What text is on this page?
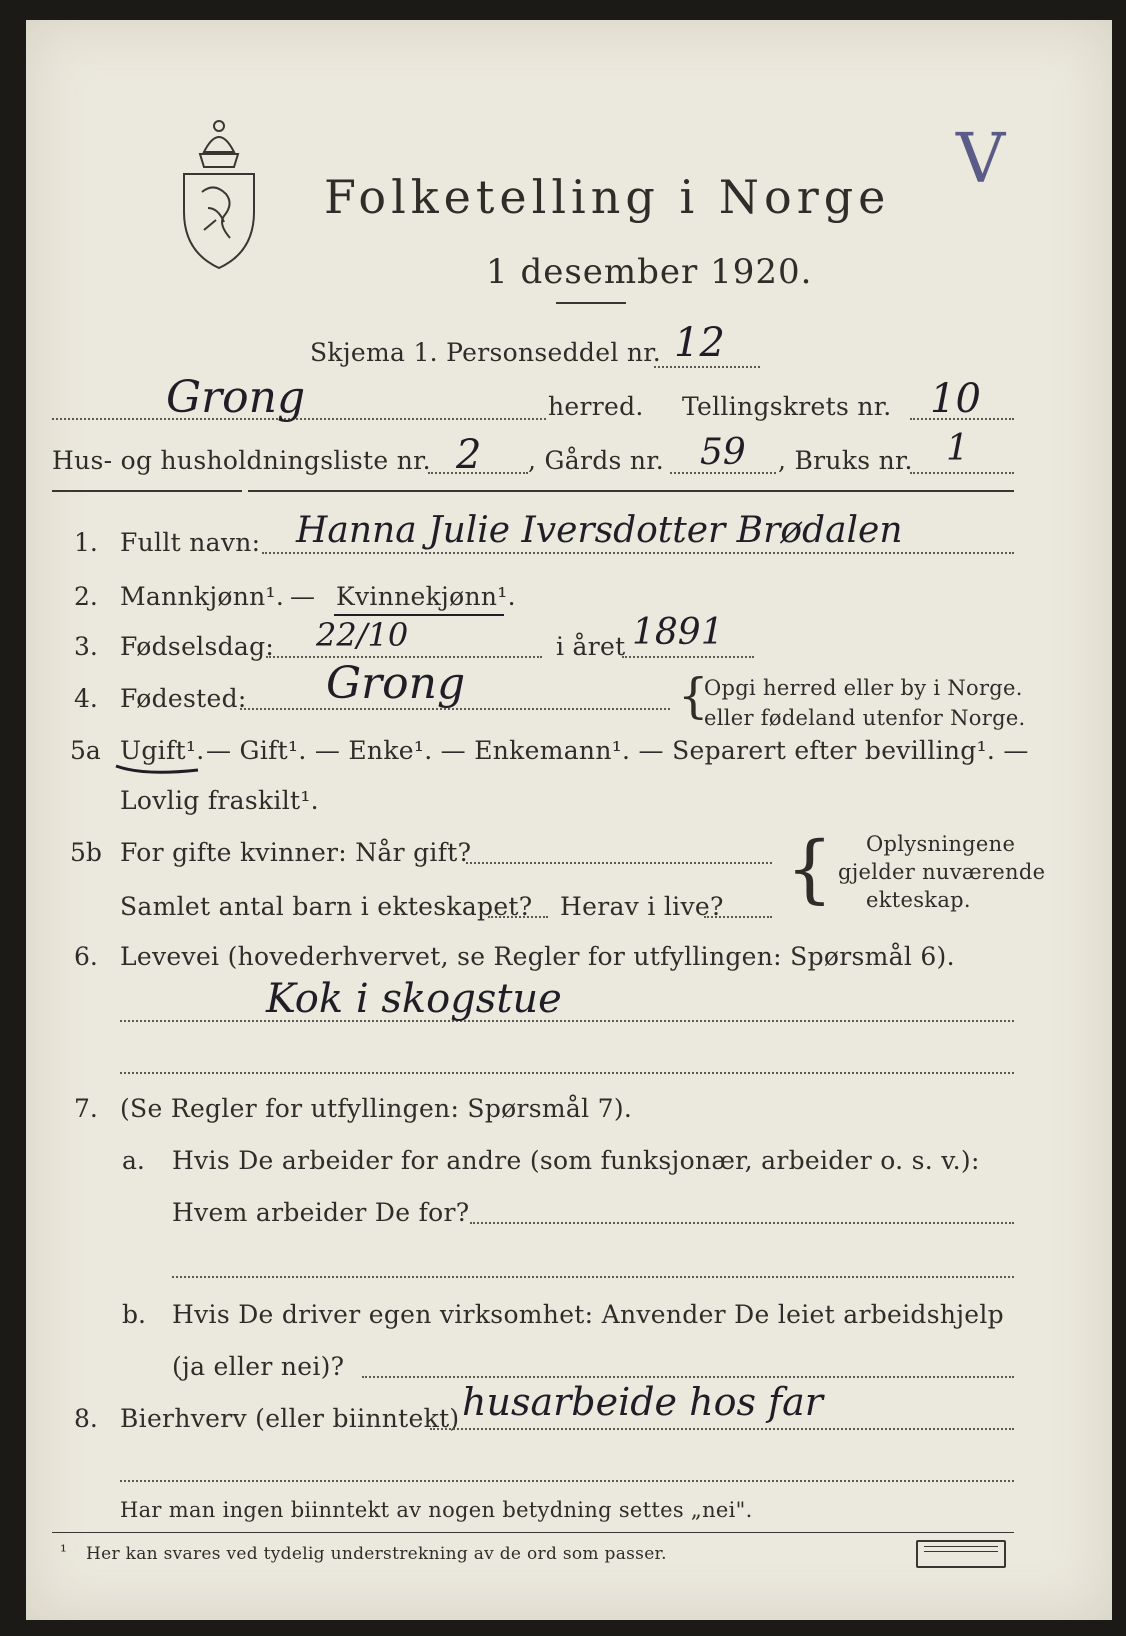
Folketelling i Norge
1 desember 1920.
V
Skjema 1. Personseddel nr. 12
Grong	herred. Tellingskrets nr. 10
Hus- og husholdningsliste nr. 2 , Gårds nr. 59 , Bruks nr. 1
1. Fullt navn: Hanna Julie Iversdotter Brødalen
2. Mannkjønn¹. — Kvinnekjønn¹.
3. Fødselsdag: 22/10	i året 1891
4. Fødested: Grong	{
Opgi herred eller by i Norge.
eller fødeland utenfor Norge.
5a Ugift¹. — Gift¹. — Enke¹. — Enkemann¹. — Separert efter bevilling¹. —
Lovlig fraskilt¹.
5b For gifte kvinner: Når gift?
Samlet antal barn i ekteskapet? Herav i live? { Oplysningene
gjelder nuværende
ekteskap.
6. Levevei (hovederhvervet, se Regler for utfyllingen: Spørsmål 6).
Kok i skogstue
7. (Se Regler for utfyllingen: Spørsmål 7).
a. Hvis De arbeider for andre (som funksjonær, arbeider o. s. v.):
Hvem arbeider De for?
b. Hvis De driver egen virksomhet: Anvender De leiet arbeidshjelp
(ja eller nei)?
8. Bierhverv (eller biinntekt) husarbeide hos far
Har man ingen biinntekt av nogen betydning settes „nei".
¹ Her kan svares ved tydelig understrekning av de ord som passer.
